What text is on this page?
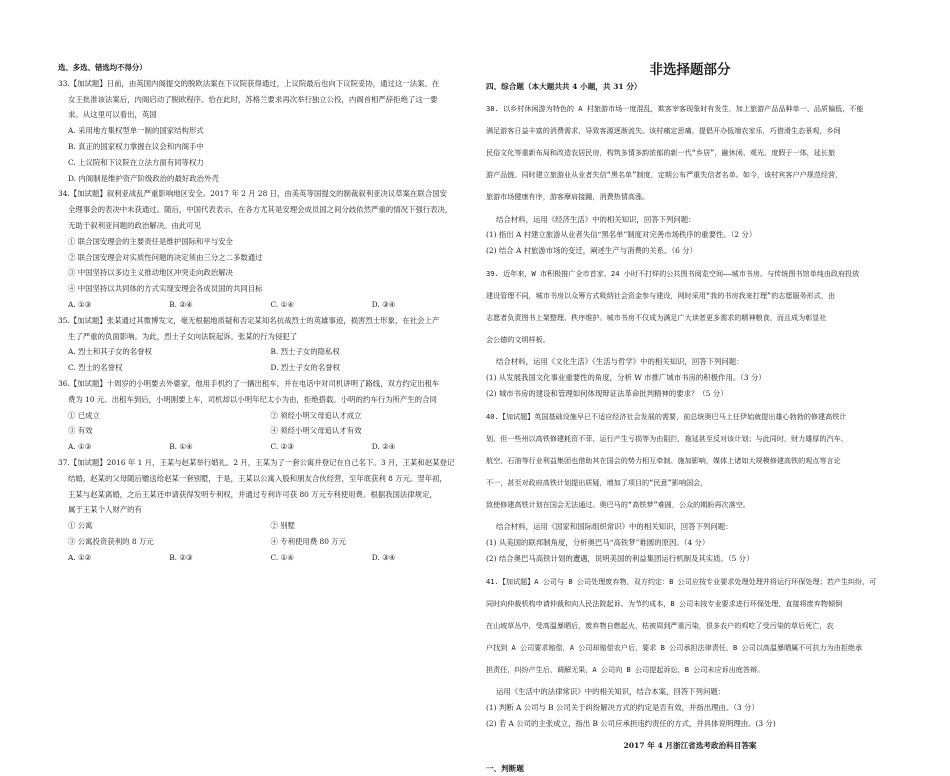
选、多选、错选均不得分）

33.【加试题】日前，由英国内阁提交的脱欧法案在下议院获得通过，上议院最后也向下议院妥协，通过这一法案。在

女王批准该法案后，内阁启动了脱欧程序。恰在此时，苏格兰要求再次举行独立公投，内阁首相严辞拒绝了这一要

求。从这里可以看出，英国

A. 采用地方集权型单一制的国家结构形式

B. 真正的国家权力掌握在议会和内阁手中

C. 上议院和下议院在立法方面有同等权力

D. 内阁制是维护资产阶级政治的最好政治外壳

34.【加试题】叙利亚战乱严重影响地区安全。2017 年 2 月 28 日，由美英等国提交的制裁叙利亚决议草案在联合国安

全理事会的表决中未获通过。随后，中国代表表示，在各方尤其是安理会成员国之间分歧依然严重的情况下强行表决，

无助于叙利亚问题的政治解决。由此可见

① 联合国安理会的主要责任是维护国际和平与安全

② 联合国安理会对实质性问题的决定须由三分之二多数通过

③ 中国坚持以多边主义推动地区冲突走向政治解决

④ 中国坚持以共同体的方式实现安理会各成员国的共同目标

A. ①③	B. ②④	C. ①④	D. ③④

35.【加试题】张某通过其微博发文，毫无根据地质疑和否定某知名抗战烈士的英雄事迹，损害烈士形象，在社会上产

生了严重的负面影响。为此，烈士子女向法院起诉。张某的行为侵犯了

A. 烈士和其子女的名誉权	B. 烈士子女的隐私权
C. 烈士的名誉权	D. 烈士子女的名誉权

36.【加试题】十周岁的小明要去外婆家，他用手机约了一辆出租车，并在电话中对司机讲明了路线，双方约定出租车

费为 10 元。出租车到后，小明刚要上车，司机却以小明年纪太小为由，拒绝搭载。小明的约车行为所产生的合同

① 已成立	② 须经小明父母追认才成立
③ 有效	④ 须经小明父母追认才有效
A. ①③	B. ①④	C. ②③	D. ②④

37.【加试题】2016 年 1 月，王某与赵某举行婚礼。2 月，王某为了一套公寓并登记在自己名下。3 月，王某和赵某登记

结婚，赵某的父母随后赠送给赵某一套别墅，于是，王某以公寓入股和朋友合伙经营，至年底获利 8 万元。翌年初，

王某与赵某离婚，之后王某还申请获得发明专利权，并通过专利许可获 80 万元专利使用费。根据我国法律规定，

属于王某个人财产的有

① 公寓	② 别墅
③ 公寓投资获利的 8 万元	④ 专利使用费 80 万元
A. ①②	B. ②③	C. ①④	D. ③④
非选择题部分

四、综合题（本大题共共 4 小题，共 31 分）

38. 以乡村休闲游为特色的 A 村旅游市场一度混乱，欺客宰客现象时有发生，加上旅游产品品种单一、品质偏低，不能

满足游客日益丰富的消费需求，导致客源逐渐流失。该村痛定思痛，提倡开办低端农家乐，巧借滑生态景观，乡间

民俗文化等重新布局和改造农居民房，构筑多情多韵浓郁的新一代“乡居”，融休闲、观光、度假于一体，延长旅

游产品链。同时建立旅游业从业者失信“黑名单”制度，定期公布严重失信者名单。如今，该村宾客户户规范经营，

旅游市场健康有序，游客摩肩接踵，消费热情高涨。

结合材料，运用《经济生活》中的相关知识，回答下列问题：

(1) 指出 A 村建立旅游从业者失信“黑名单”制度对完善市场秩序的重要性。（2 分）

(2) 结合 A 村旅游市场的变迁，阐述生产与消费的关系。（6 分）

39. 近年来，W 市积极推广全市首家、24 小时不打烊的公共图书阅览空间——城市书房。与传统图书馆单纯由政府投放

建设管理不同，城市书房以众筹方式吸纳社会资金参与建设，网时采用“我的书房我来打理”的志愿服务形式，由

志愿者负责图书上架整理、秩序维护。城市书房不仅成为满足广大读者更多需求的精神粮食，而且成为彰显社

会公德的文明样板。

结合材料，运用《文化生活》《生活与哲学》中的相关知识，回答下列问题：

(1) 从发展我国文化事业重要性的角度，分析 W 市推广城市书房的积极作用。（3 分）

(2) 城市书房的建设和管理如何体现辩证法革命批判精神的要求？（5 分）

40.【加试题】英国基础设施早已不适应经济社会发展的需要，前总统奥巴马上任伊始就提出雄心勃勃的修建高铁计

划，但一些州以高铁修建耗资不菲、运行产生亏损等为由阻拦，拖延甚至反对该计划；与此同时，财力雄厚的汽车、

航空、石油等行业利益集团也借助其在国会的势力相互牵制、施加影响，媒体上诸如大规模修建高铁的观点等言论

不一，甚至对政府高铁计划提出质疑，增加了项目的“民意”影响国会，

致使修建高铁计划在国会无法通过。奥巴马的“高铁梦”难圆，公众的期盼再次落空。

结合材料，运用《国家和国际组织常识》中的相关知识，回答下列问题：

(1) 从美国的联邦制角度，分析奥巴马“高铁梦”难圆的原因。（4 分）

(2) 结合奥巴马高铁计划的遭遇，说明美国的利益集团运行机制及其实质。（5 分）

41.【加试题】A 公司与 B 公司处理废弃物，双方约定：B 公司应按专业要求处理处理并将运行环保处理；若产生纠纷，可

同时向仲裁机构申请仲裁和向人民法院起诉。为节约成本，B 公司未按专业要求进行环保处理，直接将废弃物倾倒

在山坡草丛中，受高温暴晒后，废弃物自燃起火，枯被周到严重污染，很多农户的鸡吃了受污染的草后死亡，农

户找到 A 公司要求赔偿，A 公司却赔偿农户后，要求 B 公司承担法律责任，B 公司以高温暴晒属不可抗力为由拒绝承

担责任，纠纷产生后，调解无果，A 公司向 B 公司提起诉讼，B 公司未应诉出庭答辩。

运用《生活中的法律常识》中的相关知识，结合本案，回答下列问题：

(1) 判断 A 公司与 B 公司关于纠纷解决方式的约定是否有效，并指出理由。（3 分）

(2) 若 A 公司的主张成立，指出 B 公司应承担违约责任的方式，并具体说明理由。(3 分)

2017 年 4 月浙江省选考政治科目答案

一、判断题
